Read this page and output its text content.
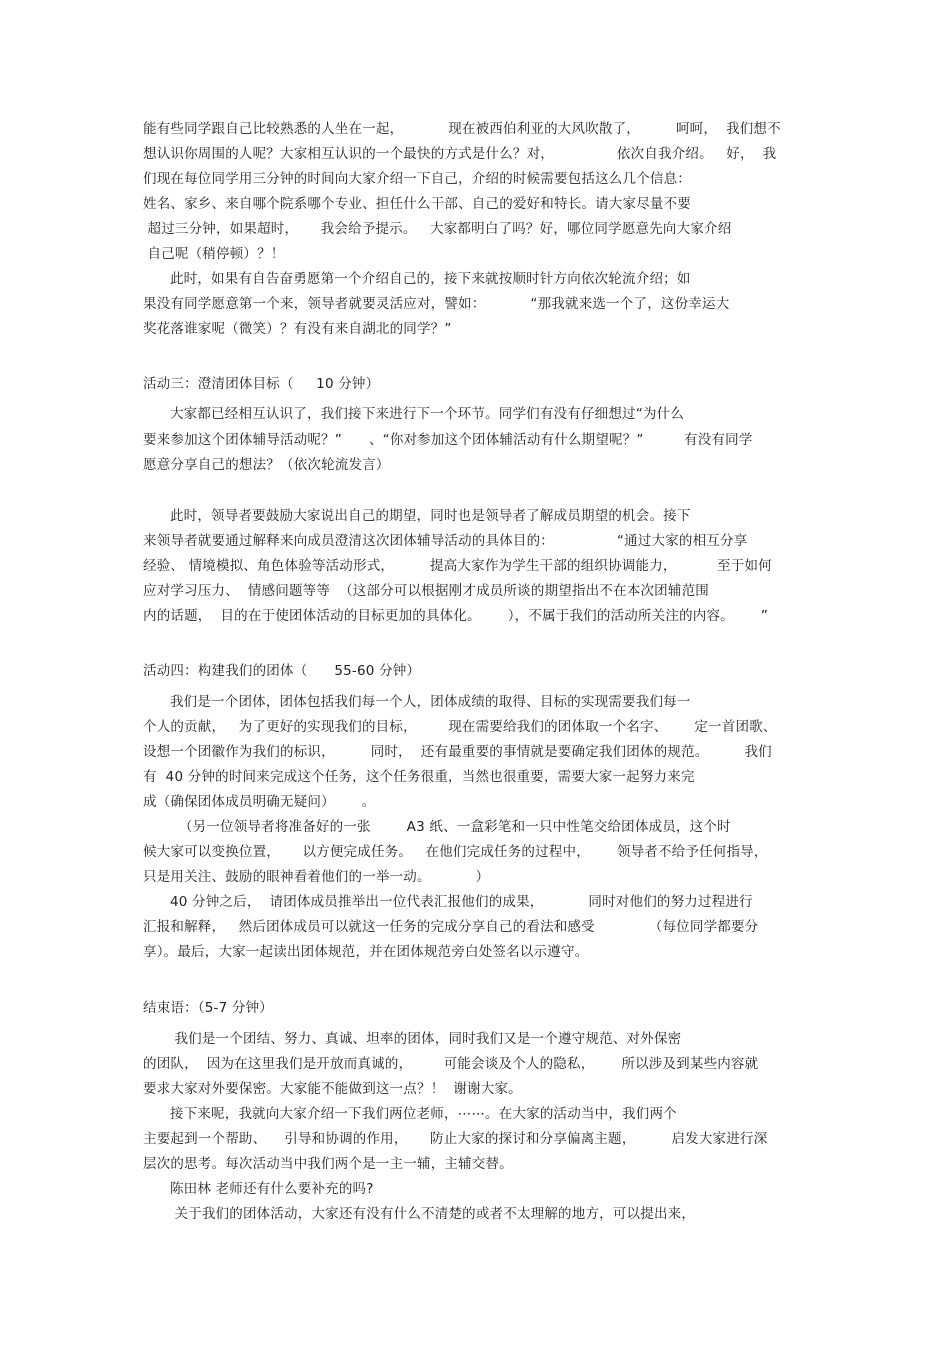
能有些同学跟自己比较熟悉的人坐在一起，          现在被西伯利亚的大风吹散了，        呵呵，  我们想不
想认识你周围的人呢？大家相互认识的一个最快的方式是什么？对，              依次自我介绍。   好，  我
们现在每位同学用三分钟的时间向大家介绍一下自己，介绍的时候需要包括这么几个信息：
姓名、家乡、来自哪个院系哪个专业、担任什么干部、自己的爱好和特长。请大家尽量不要
超过三分钟，如果超时，     我会给予提示。   大家都明白了吗？好，哪位同学愿意先向大家介绍
自己呢（稍停顿）？！
此时，如果有自告奋勇愿第一个介绍自己的，接下来就按顺时针方向依次轮流介绍；如
果没有同学愿意第一个来，领导者就要灵活应对，譬如：          “那我就来选一个了，这份幸运大
奖花落谁家呢（微笑）？有没有来自湖北的同学？”
活动三：澄清团体目标（     10 分钟）
大家都已经相互认识了，我们接下来进行下一个环节。同学们有没有仔细想过“为什么
要来参加这个团体辅导活动呢？”      、“你对参加这个团体辅活动有什么期望呢？”         有没有同学
愿意分享自己的想法？（依次轮流发言）
此时，领导者要鼓励大家说出自己的期望，同时也是领导者了解成员期望的机会。接下
来领导者就要通过解释来向成员澄清这次团体辅导活动的具体目的：              “通过大家的相互分享
经验、 情境模拟、角色体验等活动形式，        提高大家作为学生干部的组织协调能力，         至于如何
应对学习压力、  情感问题等等  （这部分可以根据刚才成员所谈的期望指出不在本次团辅范围
内的话题，  目的在于使团体活动的目标更加的具体化。      ），不属于我们的活动所关注的内容。      ”
活动四：构建我们的团体（      55-60 分钟）
我们是一个团体，团体包括我们每一个人，团体成绩的取得、目标的实现需要我们每一
个人的贡献，   为了更好的实现我们的目标，       现在需要给我们的团体取一个名字、      定一首团歌、
设想一个团徽作为我们的标识，        同时，  还有最重要的事情就是要确定我们团体的规范。        我们
有  40 分钟的时间来完成这个任务，这个任务很重，当然也很重要，需要大家一起努力来完
成（确保团体成员明确无疑问）      。
（另一位领导者将准备好的一张        A3 纸、一盒彩笔和一只中性笔交给团体成员，这个时
候大家可以变换位置，     以方便完成任务。   在他们完成任务的过程中，      领导者不给予任何指导，
只是用关注、鼓励的眼神看着他们的一举一动。          ）
40 分钟之后，  请团体成员推举出一位代表汇报他们的成果，          同时对他们的努力过程进行
汇报和解释，   然后团体成员可以就这一任务的完成分享自己的看法和感受            （每位同学都要分
享）。最后，大家一起读出团体规范，并在团体规范旁白处签名以示遵守。
结束语：（5-7 分钟）
我们是一个团结、努力、真诚、坦率的团体，同时我们又是一个遵守规范、对外保密
的团队，  因为在这里我们是开放而真诚的，       可能会谈及个人的隐私，      所以涉及到某些内容就
要求大家对外要保密。大家能不能做到这一点？！  谢谢大家。
接下来呢，我就向大家介绍一下我们两位老师，⋯⋯。在大家的活动当中，我们两个
主要起到一个帮助、    引导和协调的作用，     防止大家的探讨和分享偏离主题，        启发大家进行深
层次的思考。每次活动当中我们两个是一主一辅，主辅交替。
陈田林 老师还有什么要补充的吗?
关于我们的团体活动，大家还有没有什么不清楚的或者不太理解的地方，可以提出来，
